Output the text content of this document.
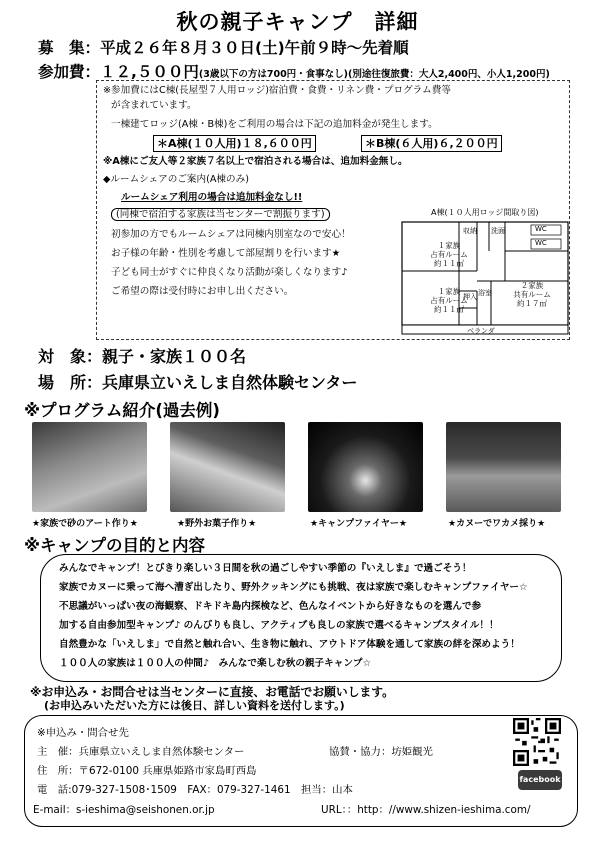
秋の親子キャンプ　詳細
募　集：平成２６年８月３０日(土)午前９時～先着順
参加費：１２,５００円(3歳以下の方は700円・食事なし)(別途往復旅費：大人2,400円、小人1,200円)
※参加費にはC棟(長屋型７人用ロッジ)宿泊費・食費・リネン費・プログラム費等
が含まれています。
一棟建てロッジ(A棟・B棟)をご利用の場合は下記の追加料金が発生します。
＊A棟(１０人用)１８,６００円	＊B棟(６人用)６,２００円
※A棟にご友人等２家族７名以上で宿泊される場合は、追加料金無し。
◆ルームシェアのご案内(A棟のみ)
ルームシェア利用の場合は追加料金なし!!
(同棟で宿泊する家族は当センターで割振ります)
初参加の方でもルームシェアは同棟内別室なので安心！
お子様の年齢・性別を考慮して部屋割りを行います★
子ども同士がすぐに仲良くなり活動が楽しくなります♪
ご希望の際は受付時にお申し出ください。
A棟(１０人用ロッジ間取り図)
１家族
占有ルーム
約１１㎡
１家族
占有ルーム
約１１㎡
２家族
共有ルーム
約１７㎡
収納
押入
洗面
浴室
WC
WC
ベランダ
対　象：親子・家族１００名
場　所：兵庫県立いえしま自然体験センター
※プログラム紹介(過去例)
★家族で砂のアート作り★	★野外お菓子作り★	★キャンプファイヤー★	★カヌーでワカメ採り★
※キャンプの目的と内容
みんなでキャンプ！とびきり楽しい３日間を秋の過ごしやすい季節の『いえしま』で過ごそう！
家族でカヌーに乗って海へ漕ぎ出したり、野外クッキングにも挑戦、夜は家族で楽しむキャンプファイヤー☆
不思議がいっぱい夜の海観察、ドキドキ島内探検など、色んなイベントから好きなものを選んで参
加する自由参加型キャンプ♪ のんびりも良し、アクティブも良しの家族で選べるキャンプスタイル！！
自然豊かな「いえしま」で自然と触れ合い、生き物に触れ、アウトドア体験を通して家族の絆を深めよう！
１００人の家族は１００人の仲間♪　みんなで楽しむ秋の親子キャンプ☆
※お申込み・お問合せは当センターに直接、お電話でお願いします。
(お申込みいただいた方には後日、詳しい資料を送付します。)
※申込み・問合せ先
主　催：兵庫県立いえしま自然体験センター	協賛・協力：坊姫観光
住　所：〒672-0100 兵庫県姫路市家島町西島
電　話:079-327-1508･1509　FAX：079-327-1461　担当：山本
E-mail：s-ieshima@seishonen.or.jp	URL：：http：//www.shizen-ieshima.com/
facebook
